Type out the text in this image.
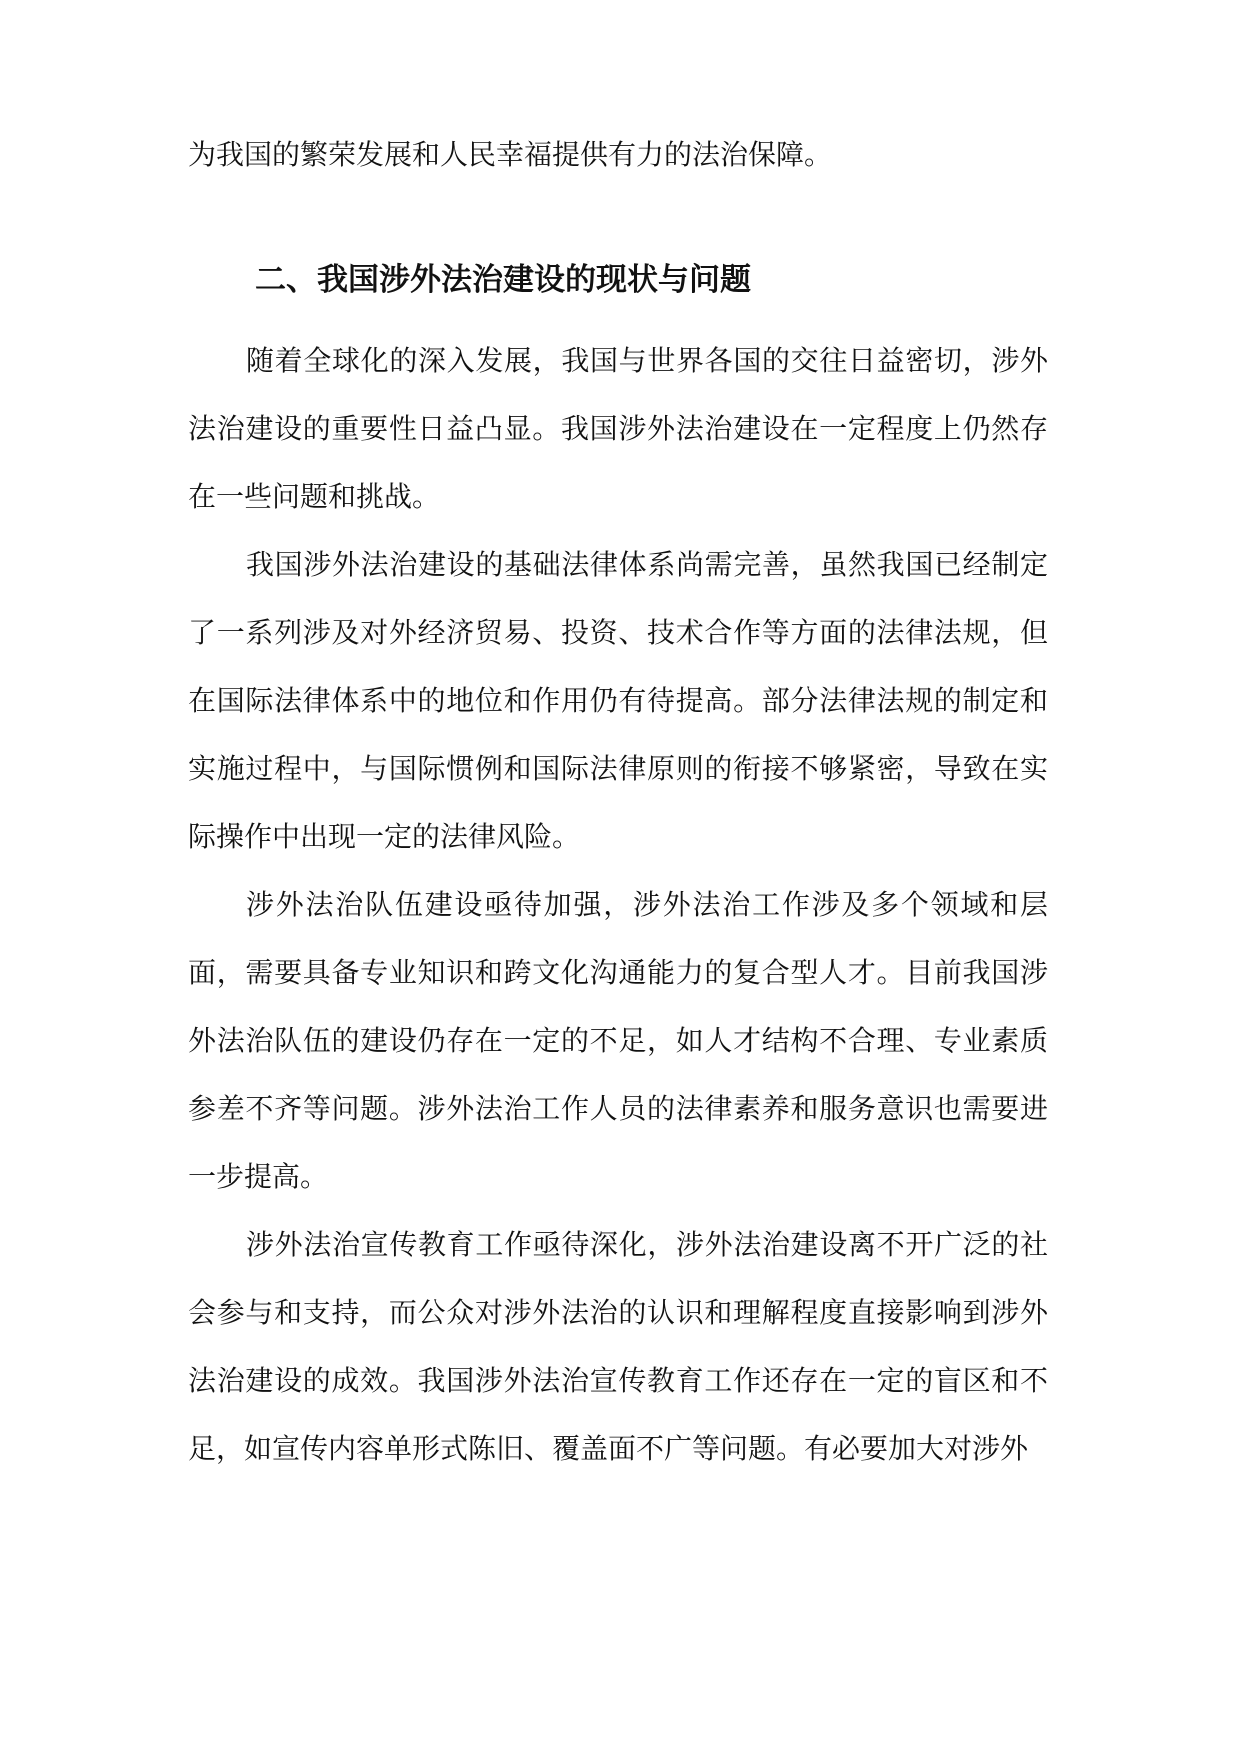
为我国的繁荣发展和人民幸福提供有力的法治保障。

二、我国涉外法治建设的现状与问题

随着全球化的深入发展，我国与世界各国的交往日益密切，涉外法治建设的重要性日益凸显。我国涉外法治建设在一定程度上仍然存在一些问题和挑战。

我国涉外法治建设的基础法律体系尚需完善，虽然我国已经制定了一系列涉及对外经济贸易、投资、技术合作等方面的法律法规，但在国际法律体系中的地位和作用仍有待提高。部分法律法规的制定和实施过程中，与国际惯例和国际法律原则的衔接不够紧密，导致在实际操作中出现一定的法律风险。

涉外法治队伍建设亟待加强，涉外法治工作涉及多个领域和层面，需要具备专业知识和跨文化沟通能力的复合型人才。目前我国涉外法治队伍的建设仍存在一定的不足，如人才结构不合理、专业素质参差不齐等问题。涉外法治工作人员的法律素养和服务意识也需要进一步提高。

涉外法治宣传教育工作亟待深化，涉外法治建设离不开广泛的社会参与和支持，而公众对涉外法治的认识和理解程度直接影响到涉外法治建设的成效。我国涉外法治宣传教育工作还存在一定的盲区和不足，如宣传内容单形式陈旧、覆盖面不广等问题。有必要加大对涉外
